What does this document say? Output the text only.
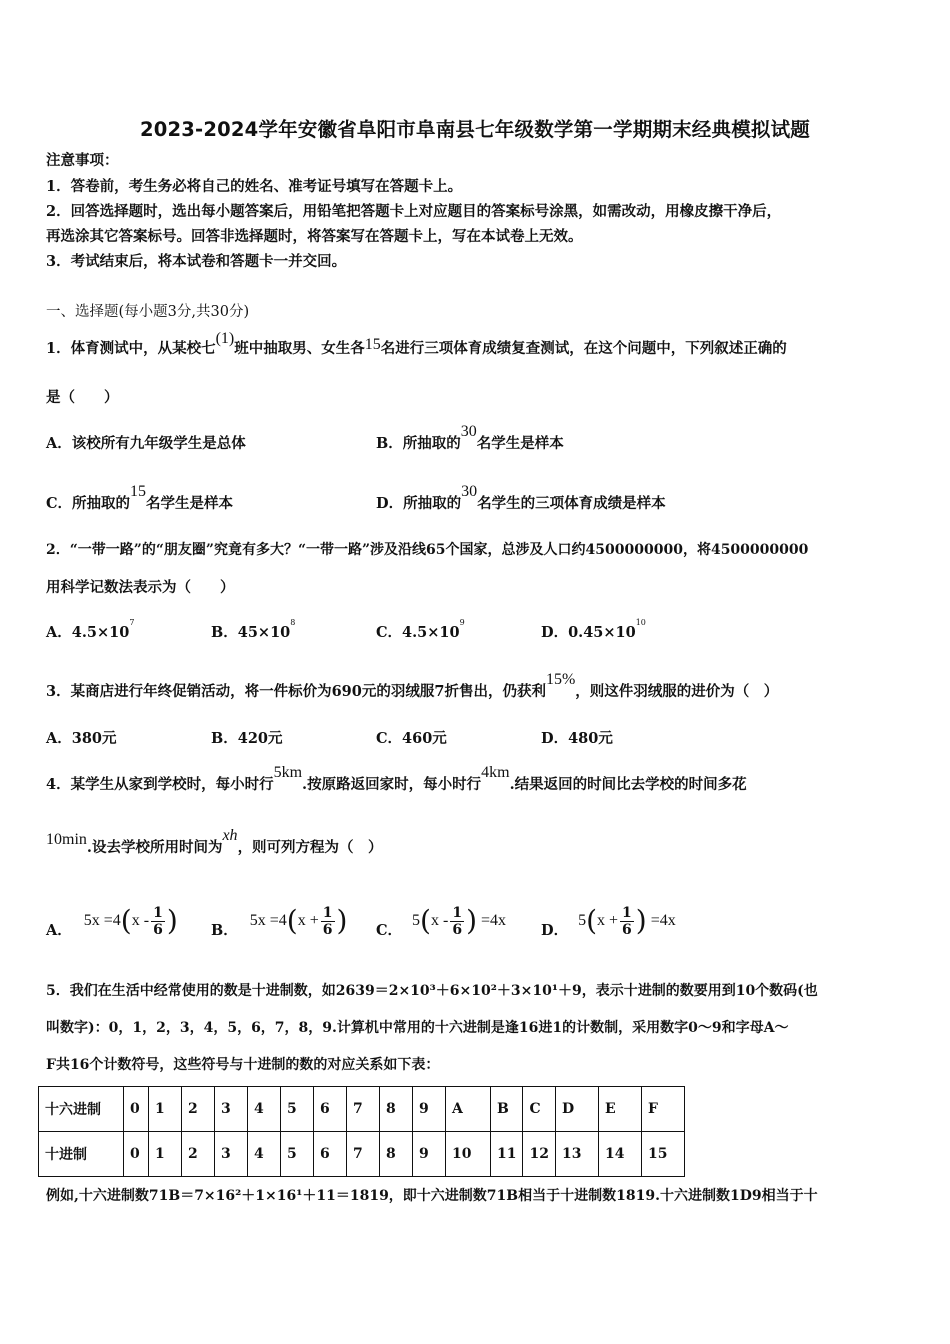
2023-2024学年安徽省阜阳市阜南县七年级数学第一学期期末经典模拟试题
注意事项：
1．答卷前，考生务必将自己的姓名、准考证号填写在答题卡上。
2．回答选择题时，选出每小题答案后，用铅笔把答题卡上对应题目的答案标号涂黑，如需改动，用橡皮擦干净后，
再选涂其它答案标号。回答非选择题时，将答案写在答题卡上，写在本试卷上无效。
3．考试结束后，将本试卷和答题卡一并交回。
一、选择题(每小题3分,共30分)
1．体育测试中，从某校七(1)班中抽取男、女生各15名进行三项体育成绩复查测试，在这个问题中，下列叙述正确的
是（　　）
A．该校所有九年级学生是总体	B．所抽取的30名学生是样本
C．所抽取的15名学生是样本	D．所抽取的30名学生的三项体育成绩是样本
2．“一带一路”的“朋友圈”究竟有多大？“一带一路”涉及沿线65个国家，总涉及人口约4500000000，将4500000000
用科学记数法表示为（　　）
A．$4.5\times 10^7$
B．$45\times 10^8$
C．$4.5\times 10^9$
D．$0.45\times 10^{10}$
3．某商店进行年终促销活动，将一件标价为690元的羽绒服7折售出，仍获利15%，则这件羽绒服的进价为（　）
A．380元	B．420元	C．460元	D．480元
4．某学生从家到学校时，每小时行5km.按原路返回家时，每小时行4km.结果返回的时间比去学校的时间多花
10min.设去学校所用时间为xh，则可列方程为（　）
A．
5x =4 ( x - $\frac{1}{6}$ ) B．
5x =4 ( $x + \frac{1}{6}$ ) C．
5 ( x - $\frac{1}{6}$ ) =4x
D．
5 ( $x + \frac{1}{6}$ ) =4x
5．我们在生活中经常使用的数是十进制数，如2639＝2×10³＋6×10²＋3×10¹＋9，表示十进制的数要用到10个数码(也
叫数字)：0，1，2，3，4，5，6，7，8，9.计算机中常用的十六进制是逢16进1的计数制，采用数字0～9和字母A～
F共16个计数符号，这些符号与十进制的数的对应关系如下表：
十六进制	0	1	2	3	4	5	6	7	8	9	A	B	C	D	E	F
十进制	0	1	2	3	4	5	6	7	8	9	10	11	12	13	14	15
例如,十六进制数71B＝7×16²＋1×16¹＋11＝1819，即十六进制数71B相当于十进制数1819.十六进制数1D9相当于十
